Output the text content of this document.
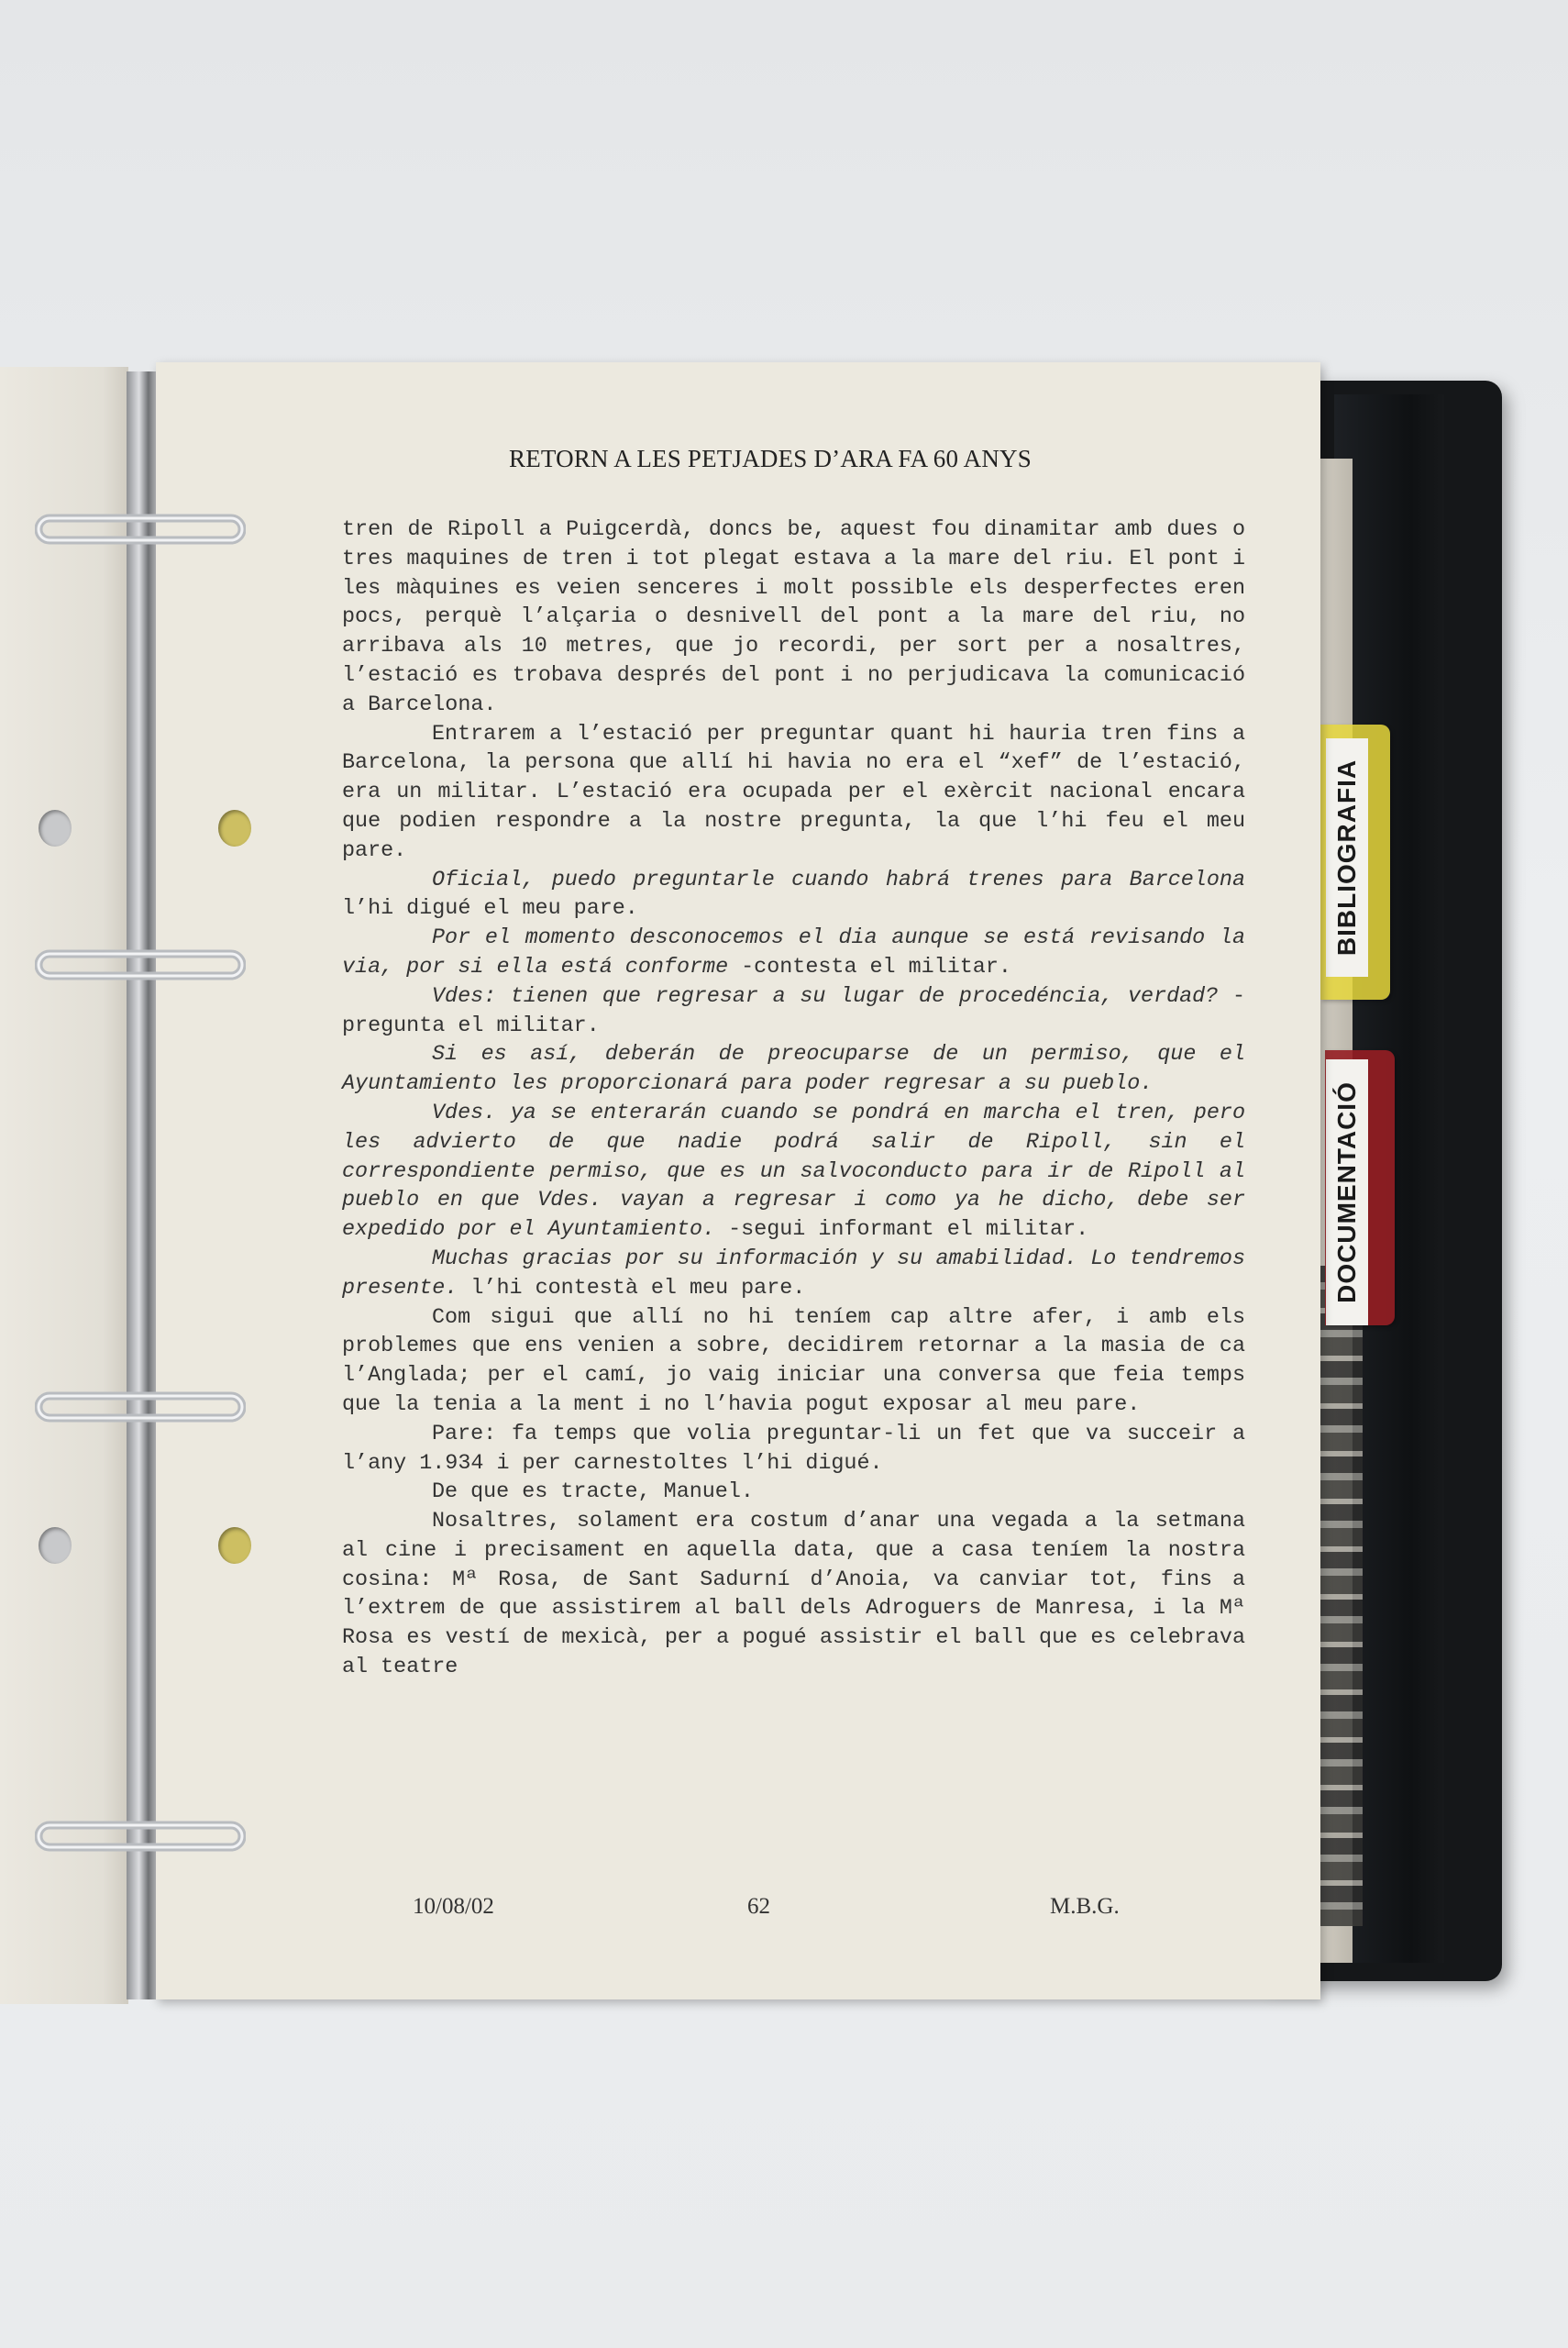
BIBLIOGRAFIA
DOCUMENTACIÓ
RETORN A LES PETJADES D’ARA FA 60 ANYS

tren de Ripoll a Puigcerdà, doncs be, aquest fou dinamitar amb dues o tres maquines de tren i tot plegat estava a la mare del riu. El pont i les màquines es veien senceres i molt possible els desperfectes eren pocs, perquè l’alçaria o desnivell del pont a la mare del riu, no arribava als 10 metres, que jo recordi, per sort per a nosaltres, l’estació es trobava després del pont i no perjudicava la comunicació a Barcelona.

Entrarem a l’estació per preguntar quant hi hauria tren fins a Barcelona, la persona que allí hi havia no era el “xef” de l’estació, era un militar. L’estació era ocupada per el exèrcit nacional encara que podien respondre a la nostre pregunta, la que l’hi feu el meu pare.

Oficial, puedo preguntarle cuando habrá trenes para Barcelona l’hi digué el meu pare.

Por el momento desconocemos el dia aunque se está revisando la via, por si ella está conforme -contesta el militar.

Vdes: tienen que regresar a su lugar de procedéncia, verdad? -pregunta el militar.

Si es así, deberán de preocuparse de un permiso, que el Ayuntamiento les proporcionará para poder regresar a su pueblo.

Vdes. ya se enterarán cuando se pondrá en marcha el tren, pero les advierto de que nadie podrá salir de Ripoll, sin el correspondiente permiso, que es un salvoconducto para ir de Ripoll al pueblo en que Vdes. vayan a regresar i como ya he dicho, debe ser expedido por el Ayuntamiento. -segui informant el militar.

Muchas gracias por su información y su amabilidad. Lo tendremos presente. l’hi contestà el meu pare.

Com sigui que allí no hi teníem cap altre afer, i amb els problemes que ens venien a sobre, decidirem retornar a la masia de ca l’Anglada; per el camí, jo vaig iniciar una conversa que feia temps que la tenia a la ment i no l’havia pogut exposar al meu pare.

Pare: fa temps que volia preguntar-li un fet que va succeir a l’any 1.934 i per carnestoltes l’hi digué.

De que es tracte, Manuel.

Nosaltres, solament era costum d’anar una vegada a la setmana al cine i precisament en aquella data, que a casa teníem la nostra cosina: Mª Rosa, de Sant Sadurní d’Anoia, va canviar tot, fins a l’extrem de que assistirem al ball dels Adroguers de Manresa, i la Mª Rosa es vestí de mexicà, per a pogué assistir el ball que es celebrava al teatre

10/08/02	62	M.B.G.
